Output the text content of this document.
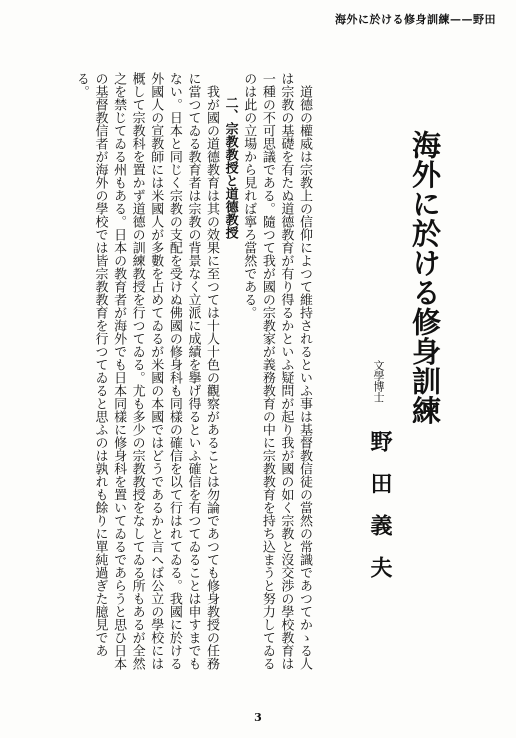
海外に於ける修身訓練——野田
海外に於ける修身訓練
文學博士
野田義夫

道德の權威は宗教上の信仰によつて維持されるといふ事は基督教信徒の當然の常識であつてかゝる人は宗教の基礎を有たぬ道德教育が有り得るかといふ疑問が起り我が國の如く宗教と沒交渉の學校教育は一種の不可思議である。隨つて我が國の宗教家が義務教育の中に宗教教育を持ち込まうと努力してゐるのは此の立場から見れば寧ろ當然である。

二、宗教教授と道德教授

我が國の道德教育は其の效果に至つては十人十色の觀察があることは勿論であつても修身教授の任務に當つてゐる教育者は宗教の背景なく立派に成績を擧げ得るといふ確信を有つてゐることは申すまでもない。日本と同じく宗教の支配を受けぬ佛國の修身科も同樣の確信を以て行はれてゐる。我國に於ける外國人の宣教師には米國人が多數を占めてゐるが米國の本國ではどうであるかと言へば公立の學校には概して宗教科を置かず道德の訓練教授を行つてゐる。尤も多少の宗教教授をなしてゐる所もあるが全然之を禁じてゐる州もある。日本の教育者が海外でも日本同樣に修身科を置いてゐるであらうと思ひ日本の基督教信者が海外の學校では皆宗教教育を行つてゐると思ふのは孰れも餘りに單純過ぎた臆見である。

3
